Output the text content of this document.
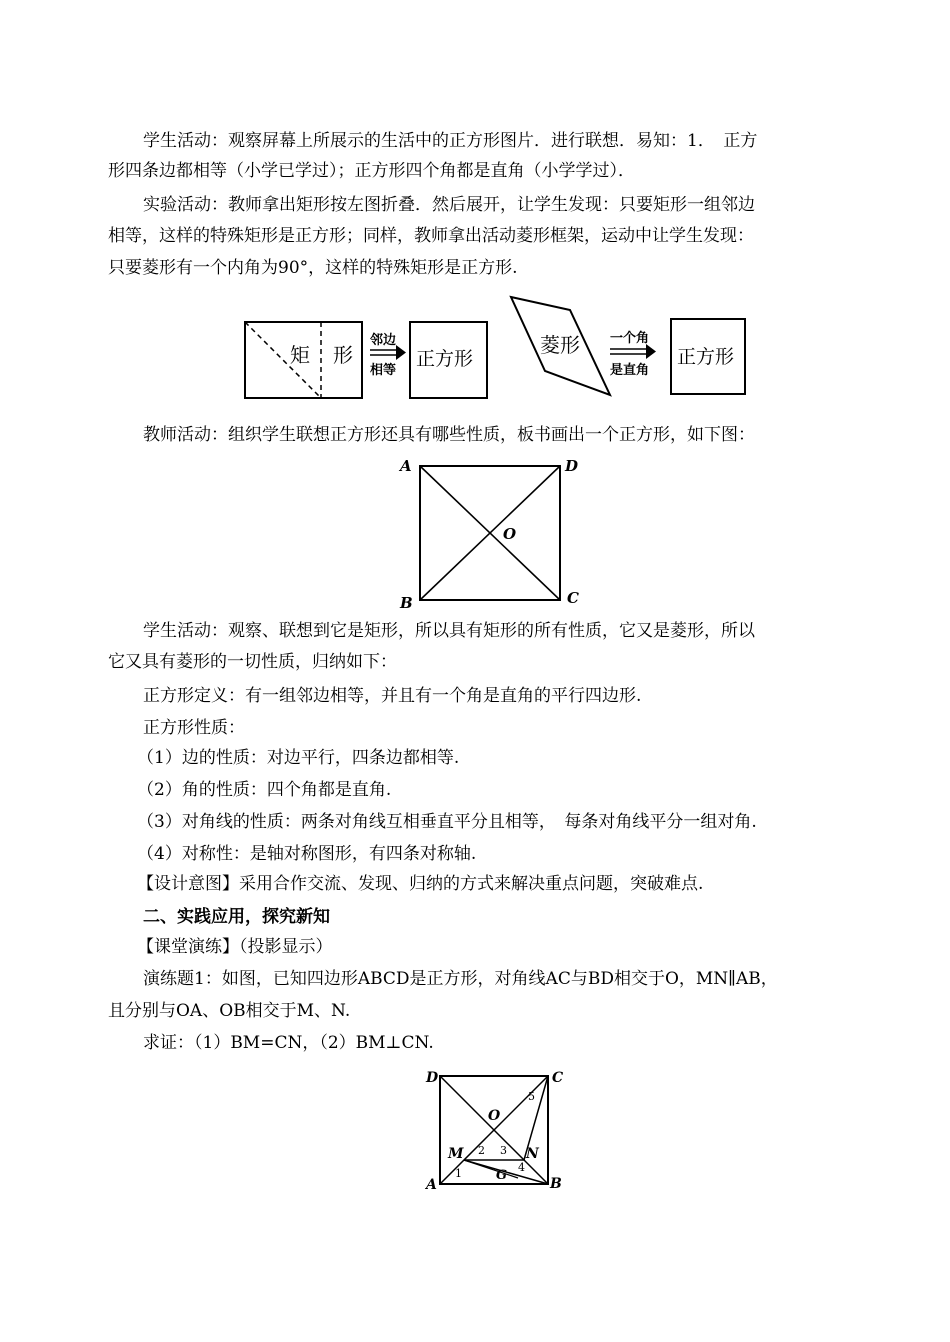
学生活动：观察屏幕上所展示的生活中的正方形图片．进行联想．易知：1．　正方
形四条边都相等（小学已学过）；正方形四个角都是直角（小学学过）．
实验活动：教师拿出矩形按左图折叠．然后展开，让学生发现：只要矩形一组邻边
相等，这样的特殊矩形是正方形；同样，教师拿出活动菱形框架，运动中让学生发现：
只要菱形有一个内角为90°，这样的特殊矩形是正方形.
矩 形
邻边
相等
正方形
菱形 一个角
是直角
正方形
教师活动：组织学生联想正方形还具有哪些性质，板书画出一个正方形，如下图：
A	D
B	C
O
学生活动：观察、联想到它是矩形，所以具有矩形的所有性质，它又是菱形，所以
它又具有菱形的一切性质，归纳如下：
正方形定义：有一组邻边相等，并且有一个角是直角的平行四边形.
正方形性质：
（1）边的性质：对边平行，四条边都相等.
（2）角的性质：四个角都是直角.
（3）对角线的性质：两条对角线互相垂直平分且相等，　每条对角线平分一组对角.
（4）对称性：是轴对称图形，有四条对称轴.
【设计意图】采用合作交流、发现、归纳的方式来解决重点问题，突破难点.
二、实践应用，探究新知
【课堂演练】（投影显示）
演练题1：如图，已知四边形ABCD是正方形，对角线AC与BD相交于O，MN∥AB，
且分别与OA、OB相交于M、N.
求证：（1）BM=CN，（2）BM⊥CN.
D	C
A	B
O
M	N
G
1
2 3
4
5
